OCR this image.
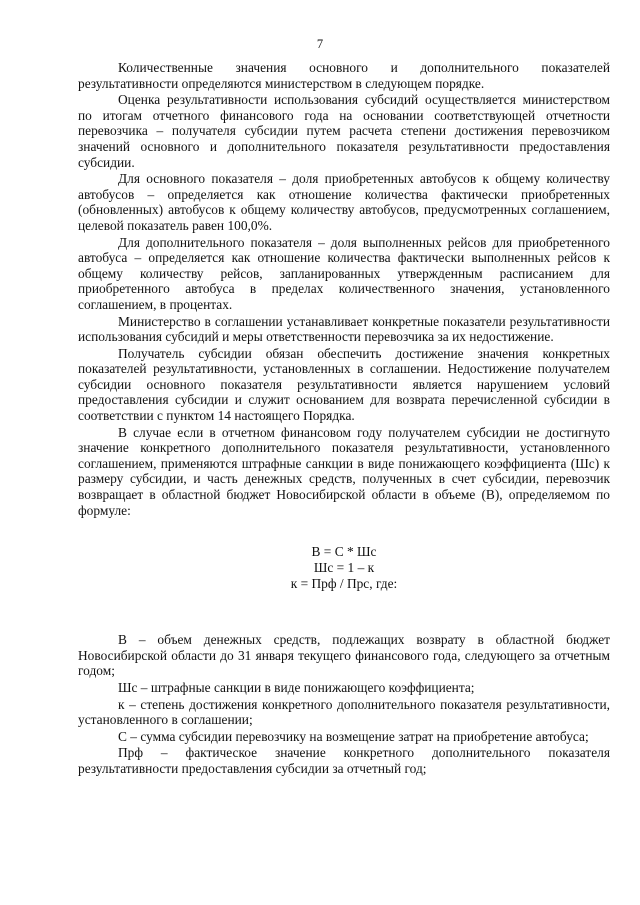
7

Количественные значения основного и дополнительного показателей результативности определяются министерством в следующем порядке.

Оценка результативности использования субсидий осуществляется министерством по итогам отчетного финансового года на основании соответствующей отчетности перевозчика – получателя субсидии путем расчета степени достижения перевозчиком значений основного и дополнительного показателя результативности предоставления субсидии.

Для основного показателя – доля приобретенных автобусов к общему количеству автобусов – определяется как отношение количества фактически приобретенных (обновленных) автобусов к общему количеству автобусов, предусмотренных соглашением, целевой показатель равен 100,0%.

Для дополнительного показателя – доля выполненных рейсов для приобретенного автобуса – определяется как отношение количества фактически выполненных рейсов к общему количеству рейсов, запланированных утвержденным расписанием для приобретенного автобуса в пределах количественного значения, установленного соглашением, в процентах.

Министерство в соглашении устанавливает конкретные показатели результативности использования субсидий и меры ответственности перевозчика за их недостижение.

Получатель субсидии обязан обеспечить достижение значения конкретных показателей результативности, установленных в соглашении. Недостижение получателем субсидии основного показателя результативности является нарушением условий предоставления субсидии и служит основанием для возврата перечисленной субсидии в соответствии с пунктом 14 настоящего Порядка.

В случае если в отчетном финансовом году получателем субсидии не достигнуто значение конкретного дополнительного показателя результативности, установленного соглашением, применяются штрафные санкции в виде понижающего коэффициента (Шс) к размеру субсидии, и часть денежных средств, полученных в счет субсидии, перевозчик возвращает в областной бюджет Новосибирской области в объеме (В), определяемом по формуле:

В = С * Шс
Шс = 1 – к
к = Прф / Прс, где:

В – объем денежных средств, подлежащих возврату в областной бюджет Новосибирской области до 31 января текущего финансового года, следующего за отчетным годом;

Шс – штрафные санкции в виде понижающего коэффициента;

к – степень достижения конкретного дополнительного показателя результативности, установленного в соглашении;

С – сумма субсидии перевозчику на возмещение затрат на приобретение автобуса;

Прф – фактическое значение конкретного дополнительного показателя результативности предоставления субсидии за отчетный год;
